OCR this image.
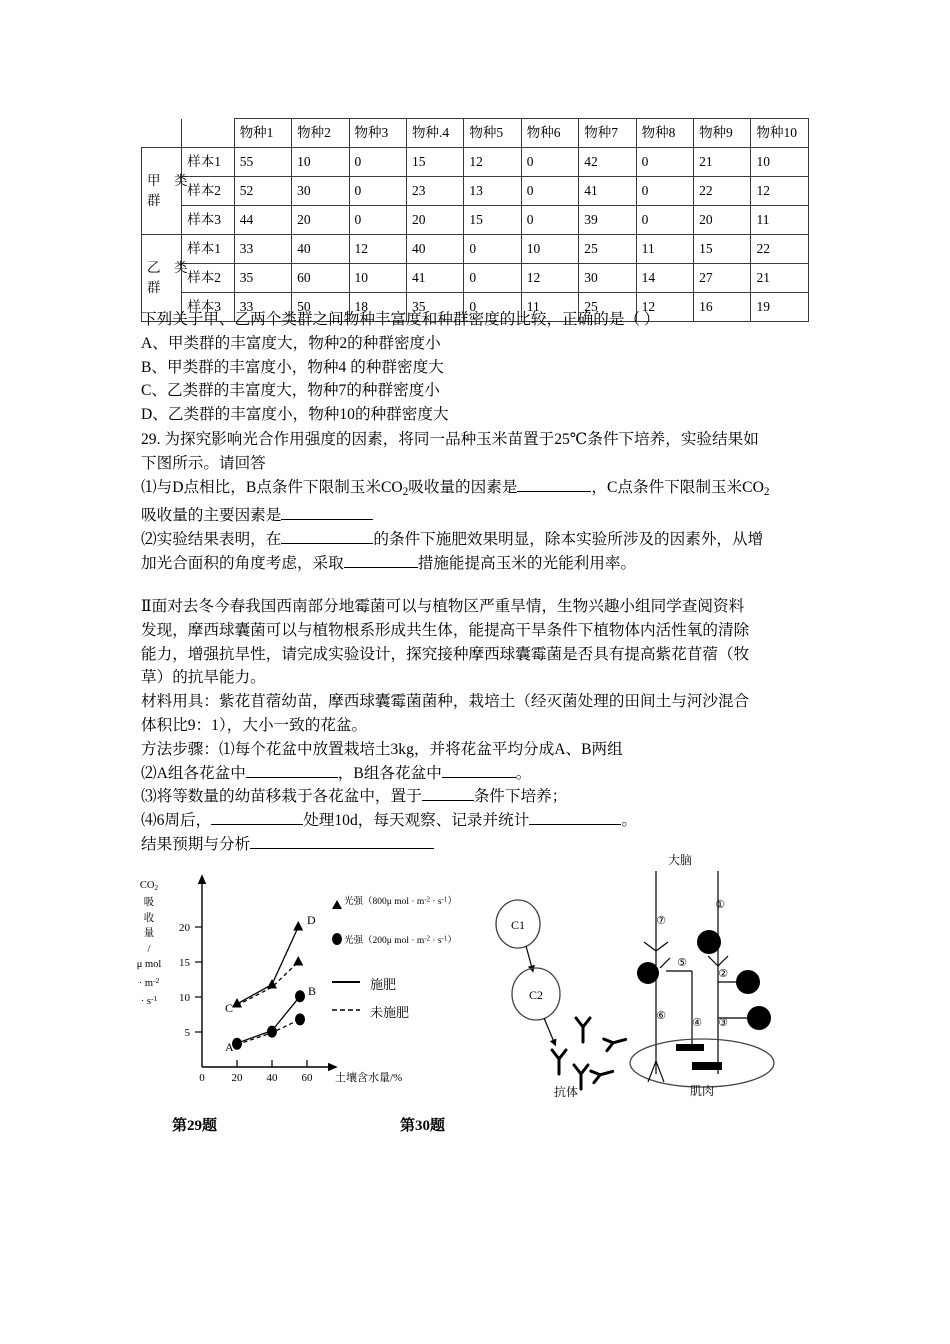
		物种1	物种2	物种3	物种.4	物种5	物种6	物种7	物种8	物种9	物种10

甲　类
群	样本1	55	10	0	15	12	0	42	0	21	10
	样本2	52	30	0	23	13	0	41	0	22	12
	样本3	44	20	0	20	15	0	39	0	20	11

乙　类
群	样本1	33	40	12	40	0	10	25	11	15	22
	样本2	35	60	10	41	0	12	30	14	27	21
	样本3	33	50	18	35	0	11	25	12	16	19
下列关于甲、乙两个类群之间物种丰富度和种群密度的比较，正确的是（ ）
A、甲类群的丰富度大，物种2的种群密度小
B、甲类群的丰富度小，物种4 的种群密度大
C、乙类群的丰富度大，物种7的种群密度小
D、乙类群的丰富度小，物种10的种群密度大
29. 为探究影响光合作用强度的因素，将同一品种玉米苗置于25℃条件下培养，实验结果如
下图所示。请回答
⑴与D点相比，B点条件下限制玉米$CO_2$吸收量的因素是	，C点条件下限制玉米$CO_2$
吸收量的主要因素是
⑵实验结果表明，在	的条件下施肥效果明显，除本实验所涉及的因素外，从增
加光合面积的角度考虑，采取	措施能提高玉米的光能利用率。
Ⅱ面对去冬今春我国西南部分地霉菌可以与植物区严重旱情，生物兴趣小组同学查阅资料
发现，摩西球囊菌可以与植物根系形成共生体，能提高干旱条件下植物体内活性氧的清除
能力，增强抗旱性，请完成实验设计，探究接种摩西球囊霉菌是否具有提高紫花苜蓿（牧
草）的抗旱能力。
材料用具：紫花苜蓿幼苗，摩西球囊霉菌菌种，栽培土（经灭菌处理的田间土与河沙混合
体积比9：1），大小一致的花盆。
方法步骤：⑴每个花盆中放置栽培土3kg，并将花盆平均分成A、B两组
⑵A组各花盆中	，B组各花盆中	。
⑶将等数量的幼苗移栽于各花盆中，置于	条件下培养；
⑷6周后，	处理10d，每天观察、记录并统计	。
结果预期与分析
$CO_2$
吸
收
量
/
μ mol
· $m^{-2}$
· $s^{-1}$
5
10
15
20
0 20 40 60 土壤含水量/%
C
D
A
B
光强（800μ mol · $m^{-2} \cdot s^{-1}$）
光强（200μ mol · $m^{-2} \cdot s^{-1}$）
施肥
未施肥
C1
C2
抗体
大脑
肌肉
①
②
③
④
⑤
⑥
⑦
第29题	第30题
